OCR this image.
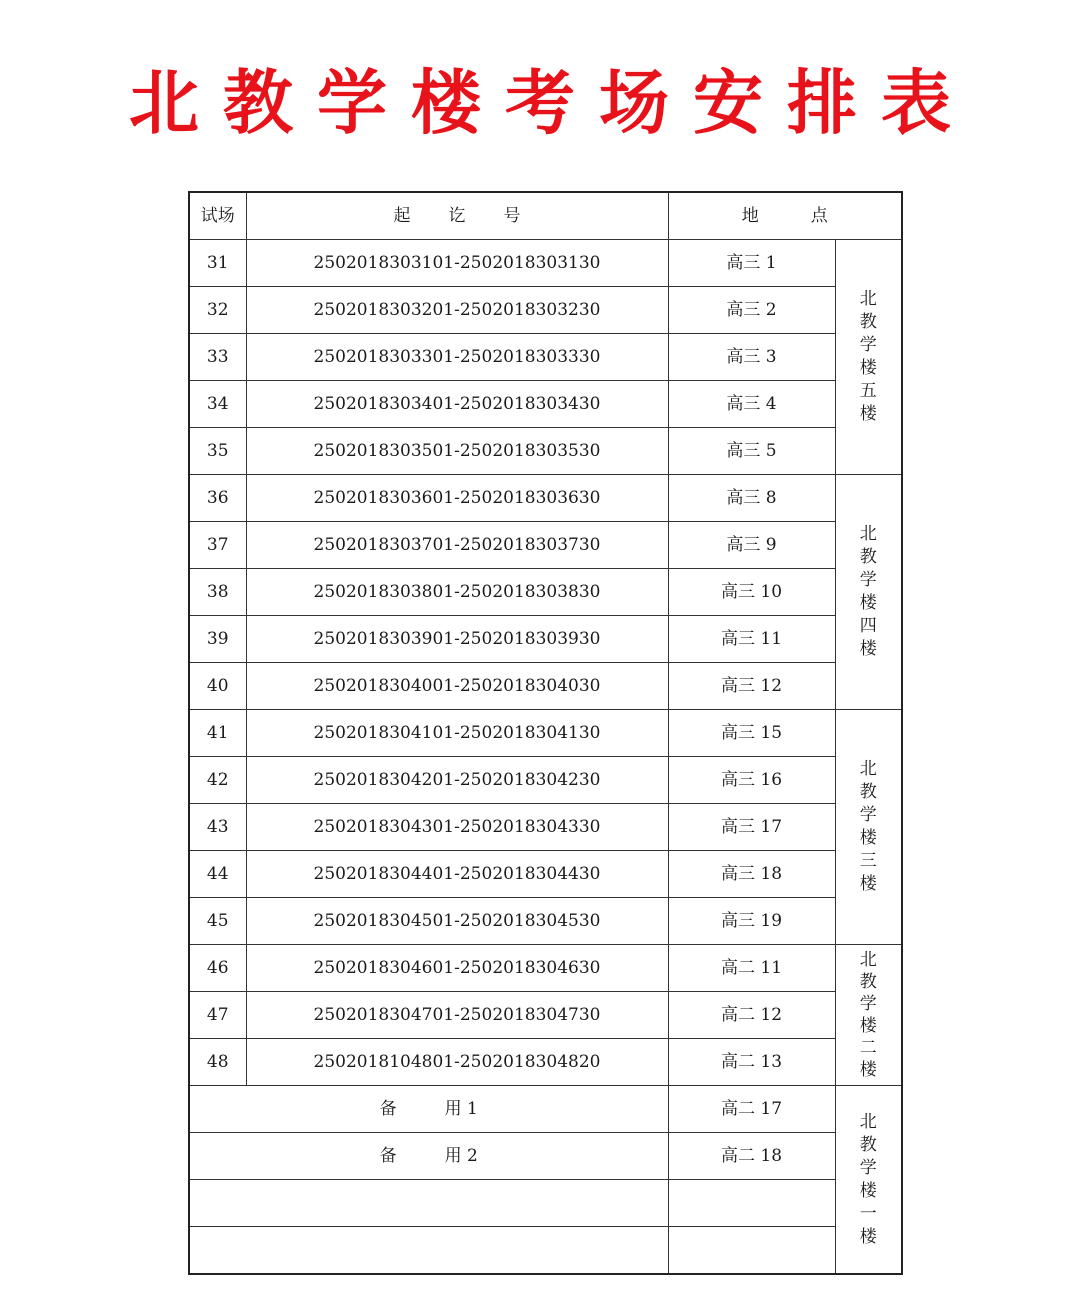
北教学楼考场安排表
试场	起讫号	地点	
31	2502018303101-2502018303130	高三 1	北教学楼五楼
32	2502018303201-2502018303230	高三 2	
33	2502018303301-2502018303330	高三 3	
34	2502018303401-2502018303430	高三 4	
35	2502018303501-2502018303530	高三 5	
36	2502018303601-2502018303630	高三 8	北教学楼四楼
37	2502018303701-2502018303730	高三 9	
38	2502018303801-2502018303830	高三 10	
39	2502018303901-2502018303930	高三 11	
40	2502018304001-2502018304030	高三 12	
41	2502018304101-2502018304130	高三 15	北教学楼三楼
42	2502018304201-2502018304230	高三 16	
43	2502018304301-2502018304330	高三 17	
44	2502018304401-2502018304430	高三 18	
45	2502018304501-2502018304530	高三 19	
46	2502018304601-2502018304630	高二 11	北教学楼二楼
47	2502018304701-2502018304730	高二 12	
48	2502018104801-2502018304820	高二 13	
备 用 1		高二 17	北教学楼一楼
备 用 2		高二 18	
